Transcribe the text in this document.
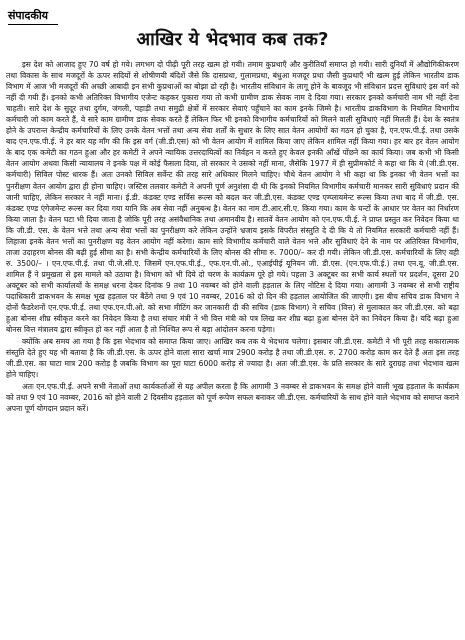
संपादकीय
आखिर ये भेदभाव कब तक?

इस देश को आजाद हुए 70 वर्ष हो गये। लगभग दो पीढ़ी पूरी तरह खत्म हो गयी। तमाम कुप्रथाएँ और कुरीतियाँ समाप्त हो गयी। सारी दुनियाँ में औद्योगिकीकरण तथा विकास के साथ मजदूरों के ऊपर सदियों से शोषीणयी बंदिशें जैसे कि दासप्रथा, गुलामप्रथा, बंधुआ मजदूर प्रथा जैसी कुप्रथाएँ भी खत्म हुई लेकिन भारतीय डाक विभाग में आज भी मजदूरों की अच्छी आबादी इन सभी कुप्रथाओं का बोझा ढो रही है। भारतीय संविधान के लागू होने के बावजूद भी संविधान प्रदत्त सुविधाएं इस वर्ग को नहीं दी गयी हैं। इनको कभी अतिरिक्त विभागीय एजेन्ट कहकर पुकारा गया तो कभी ग्रामीण डाक सेवक नाम दे दिया गया। सरकार इनको कर्मचारी नाम भी नहीं देना चाहती। सारे देश के सुदूर तथा दुर्गम, जंगली, पहाड़ी तथा समुद्री क्षेत्रों में सरकार सेवाएं पहुँचाने का काम इनके जिम्मे है। भारतीय डाकविभाग के नियमित विभागीय कर्मचारी जो काम करते हैं, वे सारे काम ग्रामीण डाक सेवक करते हैं लेकिन फिर भी इनको विभागीय कर्मचारियों को मिलने वाली सुविधाएं नहीं मिलती हैं। देश के स्वतंत्र होने के उपरान्त केन्द्रीय कर्मचारियों के लिए उनके वेतन भत्तों तथा अन्य सेवा शर्तों के सुधार के लिए सात वेतन आयोगों का गठन हो चुका है, एन.एफ.पी.ई. तथा उसके बाद एन.एफ.पी.ई. ने हर बार यह माँग की कि इस वर्ग (जी.डी.एस) को भी वेतन आयोग में शामिल किया जाए लेकिन शामिल नहीं किया गया। हर बार हर वेतन आयोग के बाद एक कमेटी का गठन हुआ और हर कमेटी ने अपने न्यायिक उत्तरदायित्वों का निर्वहन न करते हुए केवल इनकी आँखें पोंछने का कार्य किया। जब कभी भी किसी वेतन आयोग अथवा किसी न्यायालय ने इनके पक्ष में कोई फैसला दिया, तो सरकार ने उसको नहीं माना, जैसेकि 1977 में ही सुप्रीमकोर्ट ने कहा था कि ये (जी.डी.एस. कर्मचारी) सिविल पोस्ट धारक हैं। अतः उनको सिविल सर्वेन्ट की तरह सारे अधिकार मिलने चाहिए। चौथे वेतन आयोग ने भी कहा था कि इनका भी वेतन भत्तों का पुनरीक्षण वेतन आयोग द्वारा ही होना चाहिए। जस्टिस तलवार कमेटी ने अपनी पूर्ण अनुशंसा दी थी कि इनको नियमित विभागीय कर्मचारी मानकर सारी सुविधाएं प्रदान की जानी चाहिए, लेकिन सरकार ने नहीं माना। ई.डी. कंडक्ट एण्ड सर्विस रूल्स को बदल कर जी.डी.एस. कंडक्ट एण्ड एम्प्लायमेन्ट रूल्स किया तथा बाद में जी.डी. एस. कंडक्ट एण्ड एंगेजमेन्ट रूल्स कर दिया गया यानि कि अब सेवा नहीं अनुबन्ध है। वेतन का नाम टी.आर.सी.ए. किया गया। काम के घन्टों के आधार पर वेतन का निर्धारण किया जाता है। वेतन घटा भी दिया जाता है जोकि पूरी तरह असंवैधानिक तथा अमानवीय है। सातवें वेतन आयोग को एन.एफ.पी.ई. ने प्राप्त प्रस्तुत कर निवेदन किया था कि जी.डी. एस. के वेतन भत्ते तथा अन्य सेवा भत्तों का पुनरीक्षण करे लेकिन उन्होंने भ्रजाय इसके विपरीत संस्तुति दे दी कि ये तो नियमित सरकारी कर्मचारी नहीं हैं। लिहाजा इनके वेतन भत्तों का पुनरीक्षण यह वेतन आयोग नहीं करेगा। काम सारे विभागीय कर्मचारी वाले वेतन भत्ते और सुविधाएं देने के नाम पर अतिरिक्त विभागीय, ताजा उदाहरण बोनस की बढ़ी हुई सीमा का है। सभी केन्द्रीय कर्मचारियों के लिए बोनस की सीमा रु. 7000/– कर दी गयी। लेकिन जी.डी.एस. कर्मचारियों के लिए वही रु. 3500/– । एन.एफ.पी.ई. तथा पी.जे.सी.ए. जिसमें एन.एफ.पी.ई., एफ.एन.पी.ओ., एआईपीई यूनियन जी. डी.एस. (एन.एफ.पी.ई.) तथा एन.यू. जी.डी.एस. शामिल हैं ने प्रमुखता से इस मामले को उठाया है। विभाग को भी दिये दो चरण के कार्यक्रम पूरे हो गये। पहला 3 अक्टूबर का सभी कार्य स्थलों पर प्रदर्शन, दूसरा 20 अक्टूबर को सभी कार्यालयों के समक्ष धरना देकर दिनांक 9 तथा 10 नवम्बर को होने वाली हड़ताल के लिए नोटिस दे दिया गया। आगामी 3 नवम्बर से सभी राष्ट्रीय पदाधिकारी डाकभवन के समक्ष भूख हड़ताल पर बैठेंगे तथा 9 एवं 10 नवम्बर, 2016 को दो दिन की हड़ताल आयोजित की जाएगी। इस बीच सचिव डाक विभाग ने दोनों फैडरेशनों एन.एफ.पी.ई. तथा एफ.एन.पी.ओ. को सभा मीटिंग कर जानकारी दी की सचिव (डाक विभाग) ने सचिव (वित्त) से मुलाकात कर जी.डी.एस. को बढ़ा हुआ बोनस शीघ्र स्वीकृत करने का निवेदन किया है तथा संचार मंत्री ने भी वित्त मंत्री को पत्र लिख कर शीघ्र बढ़ा हुआ बोनस देने का निवेदन किया है। यदि बढ़ा हुआ बोनस वित्त मंत्रालय द्वारा स्वीकृत हो कर नहीं आता है तो निश्चित रूप से बड़ा आंदोलन करना पड़ेगा।

क्योंकि अब समय आ गया है कि इस भेदभाव को समाप्त किया जाए। आखिर कब तक ये भेदभाव चलेगा। इसबार जी.डी.एस. कमेटी ने भी पूरी तरह सकारात्मक संस्तुति देते हुए यह भी बताया है कि जी.डी.एस. के ऊपर होने वाला सारा खर्चा मात्र 2900 करोड़ है तथा जी.डी.एस. रु. 2700 करोड़ काम कर देते हैं अतः इस तरह जी.डी.एस. का घाटा मात्र 200 करोड़ है जबकि विभाग का पूरा घाटा 6000 करोड़ से ज्यादा है। अतः जी.डी.एस. के प्रति सरकार के सारे दुराग्रह तथा भेदभाव खत्म होने चाहिए।

अतः एन.एफ.पी.ई. अपने सभी नेताओं तथा कार्यकर्ताओं से यह अपील करता है कि आगामी 3 नवम्बर से डाकभवन के समक्ष होने वाली भूख हड़ताल के कार्यक्रम को तथा 9 एवं 10 नवम्बर, 2016 को होने वाली 2 दिवसीय हड़ताल को पूर्ण रूपेण सफल बनाकर जी.डी.एस. कर्मचारियों के साथ होने वाले भेदभाव को समाप्त कराने अपना पूर्ण योगदान प्रदान करें।
